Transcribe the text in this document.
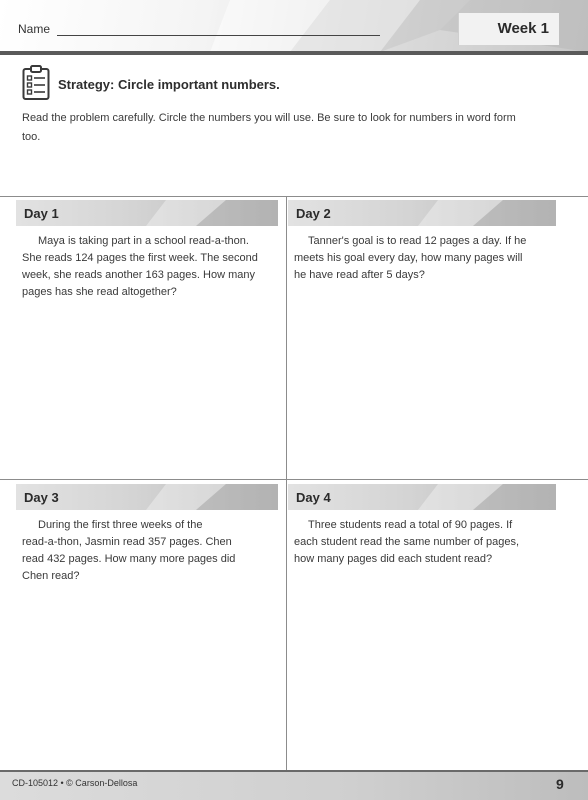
Name	Week 1
Strategy: Circle important numbers.
Read the problem carefully. Circle the numbers you will use. Be sure to look for numbers in word form too.
Day 1
Maya is taking part in a school read-a-thon.
She reads 124 pages the first week. The second
week, she reads another 163 pages. How many
pages has she read altogether?
Day 2
Tanner's goal is to read 12 pages a day. If he
meets his goal every day, how many pages will
he have read after 5 days?
Day 3
During the first three weeks of the
read-a-thon, Jasmin read 357 pages. Chen
read 432 pages. How many more pages did
Chen read?
Day 4
Three students read a total of 90 pages. If
each student read the same number of pages,
how many pages did each student read?
CD-105012 • © Carson-Dellosa	9
